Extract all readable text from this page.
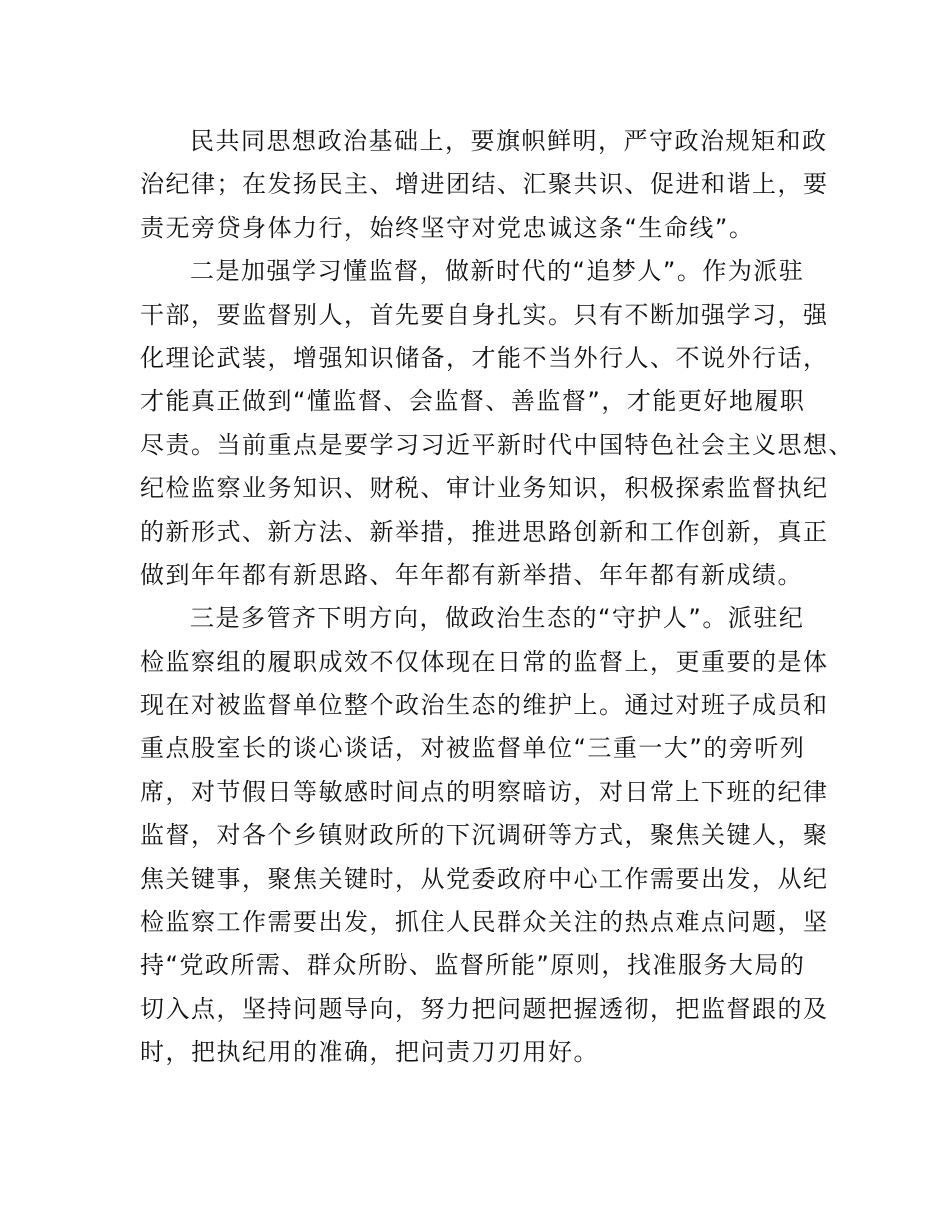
民共同思想政治基础上，要旗帜鲜明，严守政治规矩和政
治纪律；在发扬民主、增进团结、汇聚共识、促进和谐上，要
责无旁贷身体力行，始终坚守对党忠诚这条“生命线”。
二是加强学习懂监督，做新时代的“追梦人”。作为派驻
干部，要监督别人，首先要自身扎实。只有不断加强学习，强
化理论武装，增强知识储备，才能不当外行人、不说外行话，
才能真正做到“懂监督、会监督、善监督”，才能更好地履职
尽责。当前重点是要学习习近平新时代中国特色社会主义思想、
纪检监察业务知识、财税、审计业务知识，积极探索监督执纪
的新形式、新方法、新举措，推进思路创新和工作创新，真正
做到年年都有新思路、年年都有新举措、年年都有新成绩。
三是多管齐下明方向，做政治生态的“守护人”。派驻纪
检监察组的履职成效不仅体现在日常的监督上，更重要的是体
现在对被监督单位整个政治生态的维护上。通过对班子成员和
重点股室长的谈心谈话，对被监督单位“三重一大”的旁听列
席，对节假日等敏感时间点的明察暗访，对日常上下班的纪律
监督，对各个乡镇财政所的下沉调研等方式，聚焦关键人，聚
焦关键事，聚焦关键时，从党委政府中心工作需要出发，从纪
检监察工作需要出发，抓住人民群众关注的热点难点问题，坚
持“党政所需、群众所盼、监督所能”原则，找准服务大局的
切入点，坚持问题导向，努力把问题把握透彻，把监督跟的及
时，把执纪用的准确，把问责刀刃用好。
